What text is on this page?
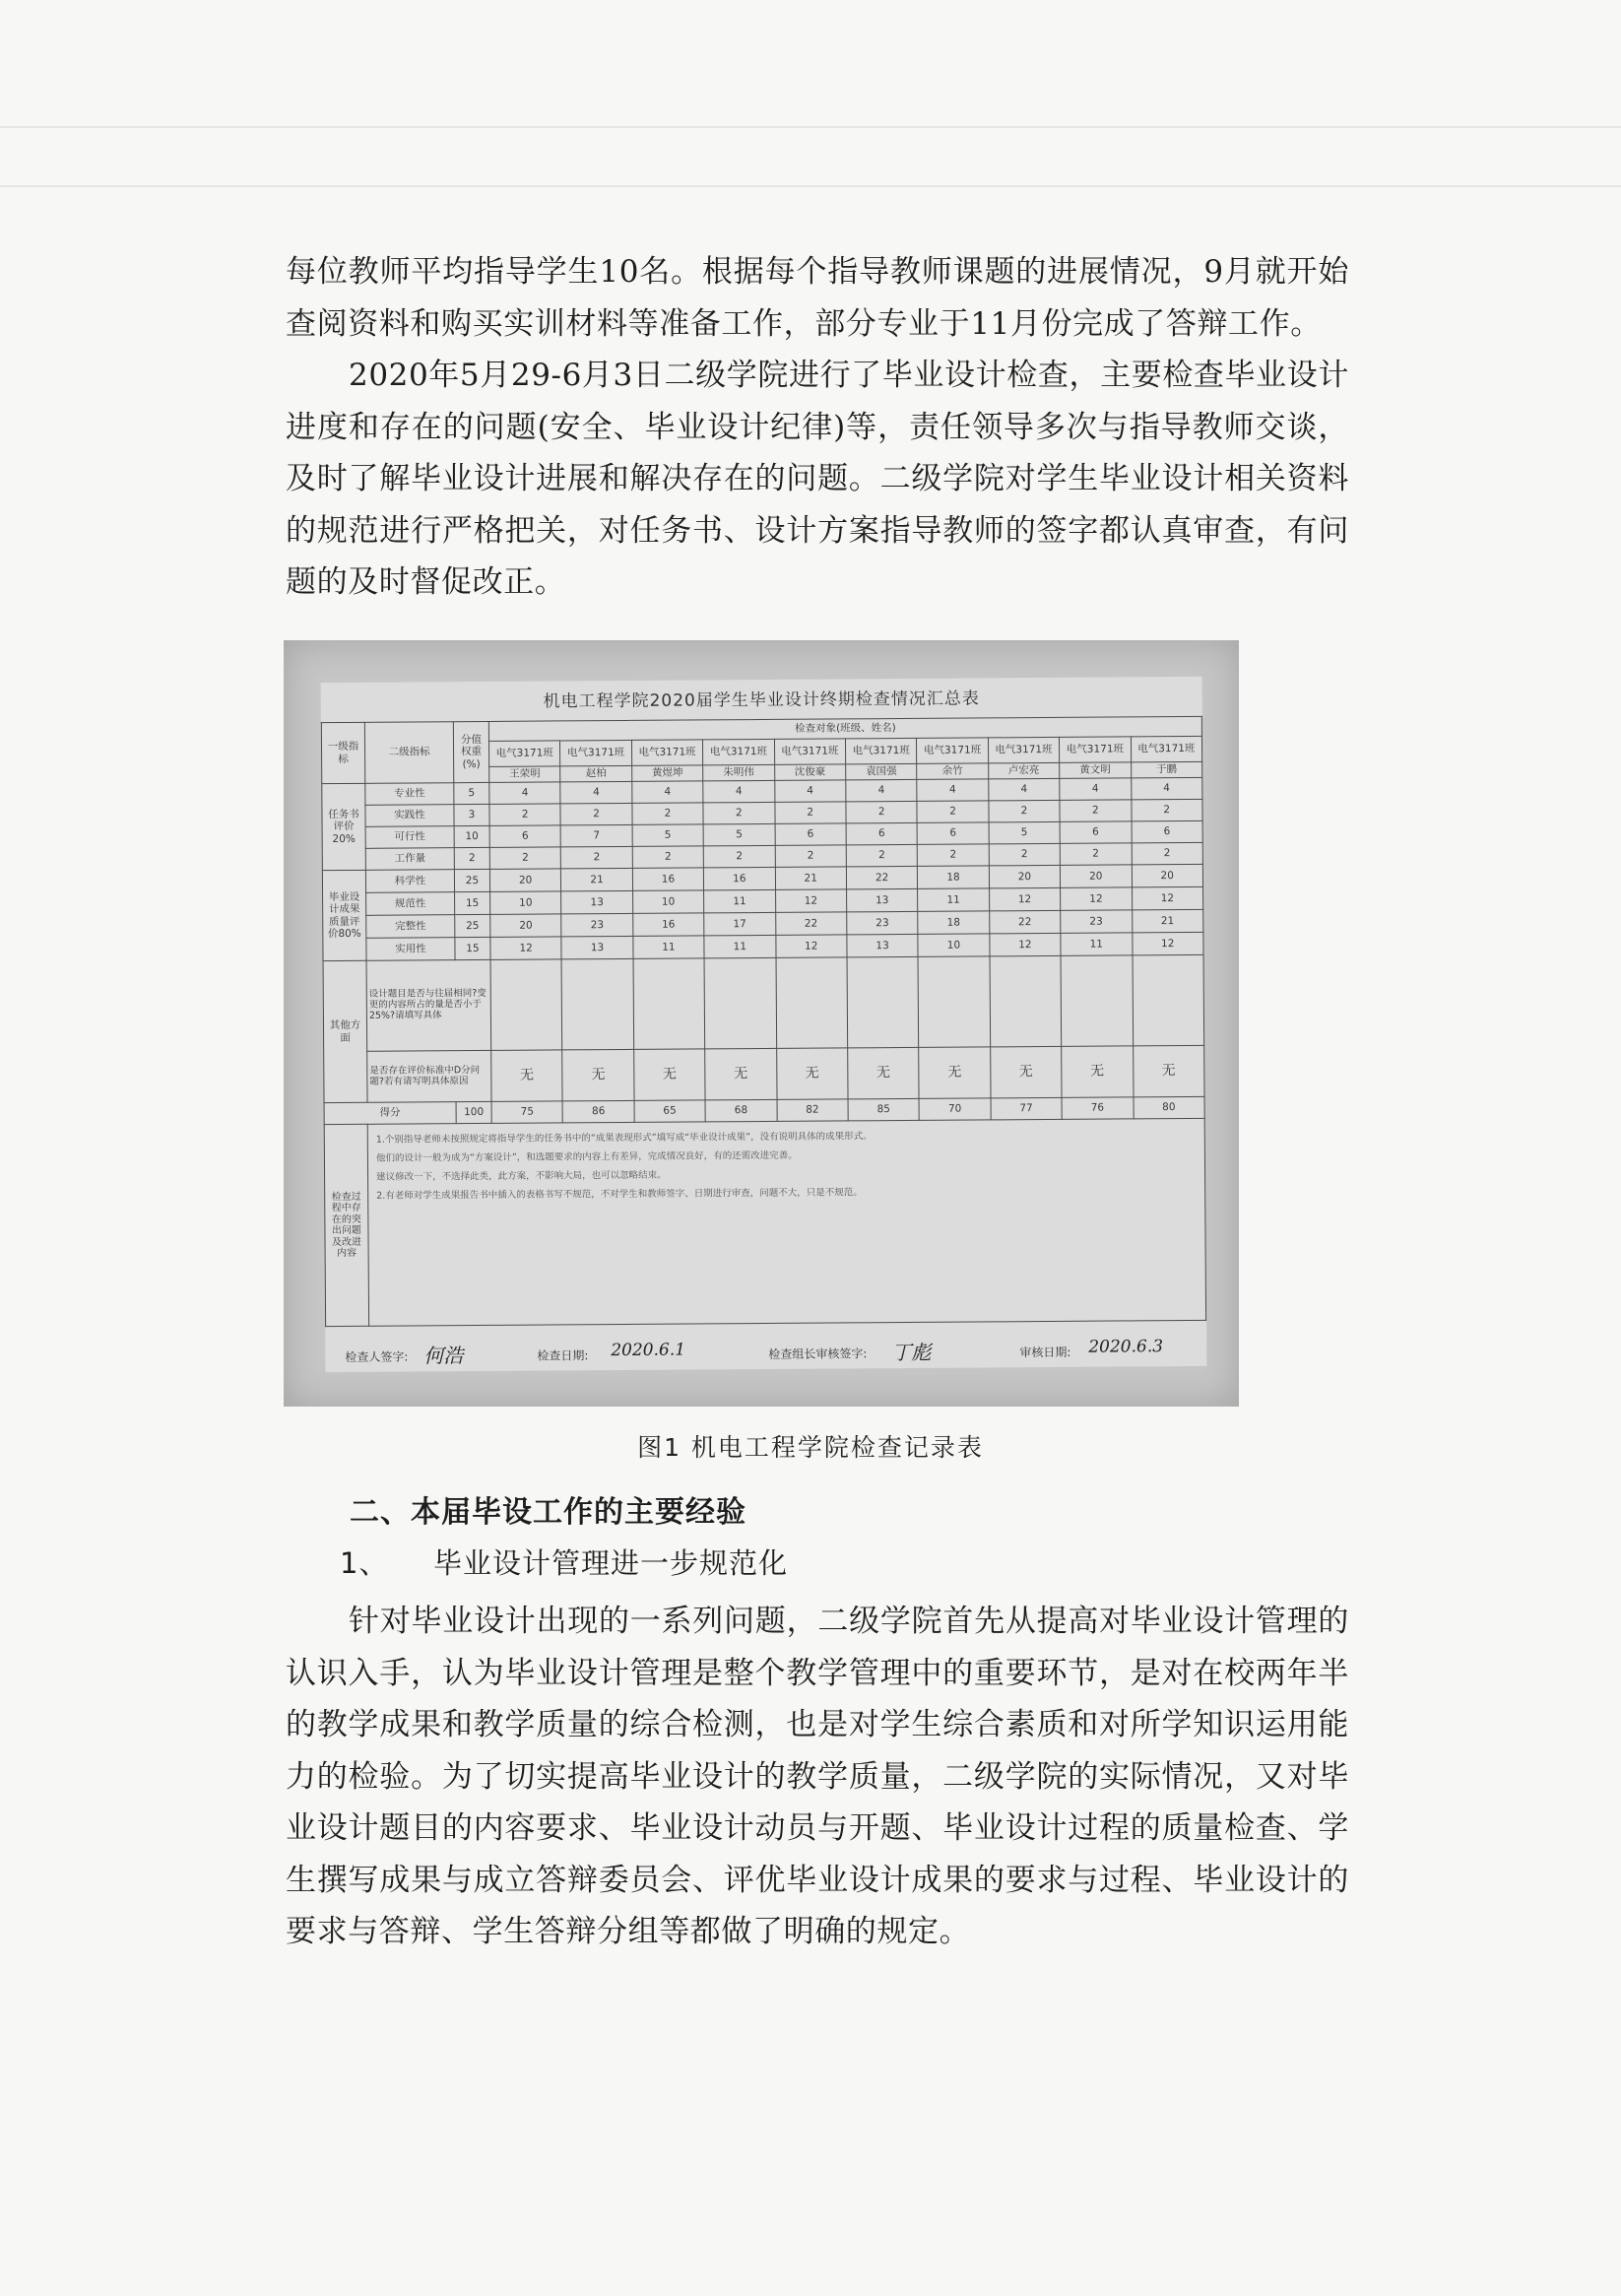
每位教师平均指导学生10名。根据每个指导教师课题的进展情况，9月就开始查阅资料和购买实训材料等准备工作，部分专业于11月份完成了答辩工作。

2020年5月29-6月3日二级学院进行了毕业设计检查，主要检查毕业设计进度和存在的问题(安全、毕业设计纪律)等，责任领导多次与指导教师交谈，及时了解毕业设计进展和解决存在的问题。二级学院对学生毕业设计相关资料的规范进行严格把关，对任务书、设计方案指导教师的签字都认真审查，有问题的及时督促改正。

机电工程学院2020届学生毕业设计终期检查情况汇总表
一级指标	二级指标	分值权重(%)	检查对象(班级、姓名)									
			电气3171班	电气3171班	电气3171班	电气3171班	电气3171班	电气3171班	电气3171班	电气3171班	电气3171班	电气3171班
			王荣明	赵柏	黄煜坤	朱明伟	沈俊豪	袁国强	余竹	卢宏亮	黄文明	于鹏
任务书评价20%	专业性	5	4	4	4	4	4	4	4	4	4	4
	实践性	3	2	2	2	2	2	2	2	2	2	2
	可行性	10	6	7	5	5	6	6	6	5	6	6
	工作量	2	2	2	2	2	2	2	2	2	2	2
毕业设计成果质量评价80%	科学性	25	20	21	16	16	21	22	18	20	20	20
	规范性	15	10	13	10	11	12	13	11	12	12	12
	完整性	25	20	23	16	17	22	23	18	22	23	21
	实用性	15	12	13	11	11	12	13	10	12	11	12
其他方面	设计题目是否与往届相同?变更的内容所占的量是否小于25%?请填写具体											
	是否存在评价标准中D分问题?若有请写明具体原因		无	无	无	无	无	无	无	无	无	无
得分		100	75	86	65	68	82	85	70	77	76	80
检查过程中存在的突出问题及改进内容	1.个别指导老师未按照规定将指导学生的任务书中的“成果表现形式”填写成“毕业设计成果”，没有说明具体的成果形式。
他们的设计一般为成为“方案设计”，和选题要求的内容上有差异，完成情况良好，有的还需改进完善。
建议修改一下，不选择此类，此方案，不影响大局，也可以忽略结束。
2.有老师对学生成果报告书中插入的表格书写不规范，不对学生和教师签字、日期进行审查，问题不大，只是不规范。											
检查人签字: 何浩	检查日期: 2020.6.1	检查组长审核签字: 丁彪	审核日期: 2020.6.3
图1 机电工程学院检查记录表
二、本届毕设工作的主要经验
1、 毕业设计管理进一步规范化

针对毕业设计出现的一系列问题，二级学院首先从提高对毕业设计管理的认识入手，认为毕业设计管理是整个教学管理中的重要环节，是对在校两年半的教学成果和教学质量的综合检测，也是对学生综合素质和对所学知识运用能力的检验。为了切实提高毕业设计的教学质量，二级学院的实际情况，又对毕业设计题目的内容要求、毕业设计动员与开题、毕业设计过程的质量检查、学生撰写成果与成立答辩委员会、评优毕业设计成果的要求与过程、毕业设计的要求与答辩、学生答辩分组等都做了明确的规定。
